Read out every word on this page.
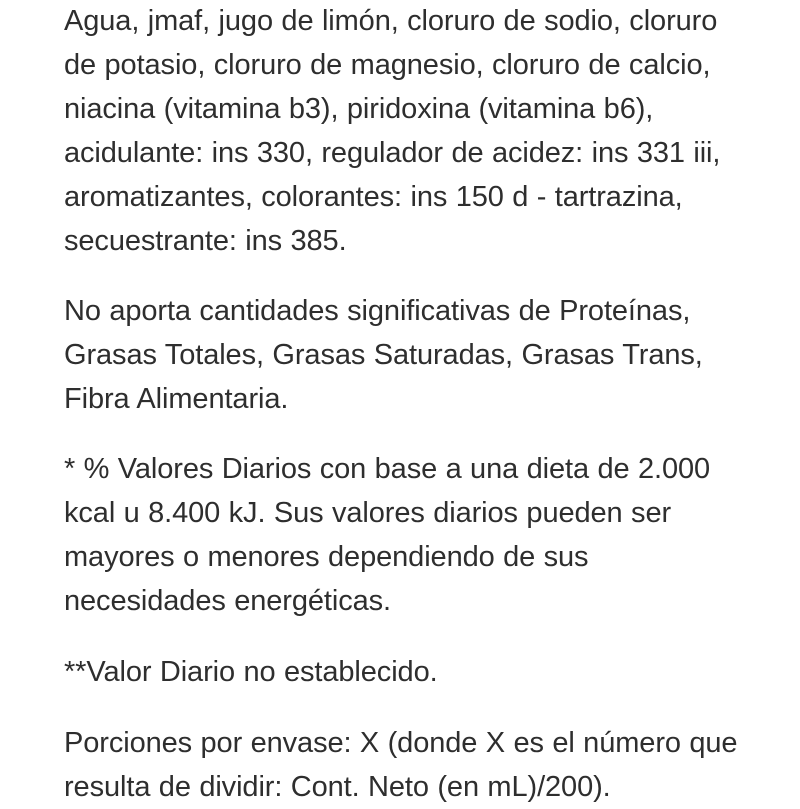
Agua, jmaf, jugo de limón, cloruro de sodio, cloruro de potasio, cloruro de magnesio, cloruro de calcio, niacina (vitamina b3), piridoxina (vitamina b6), acidulante: ins 330, regulador de acidez: ins 331 iii, aromatizantes, colorantes: ins 150 d - tartrazina, secuestrante: ins 385.

No aporta cantidades significativas de Proteínas, Grasas Totales, Grasas Saturadas, Grasas Trans, Fibra Alimentaria.

* % Valores Diarios con base a una dieta de 2.000 kcal u 8.400 kJ. Sus valores diarios pueden ser mayores o menores dependiendo de sus necesidades energéticas.

**Valor Diario no establecido.

Porciones por envase: X (donde X es el número que resulta de dividir: Cont. Neto (en mL)/200).
